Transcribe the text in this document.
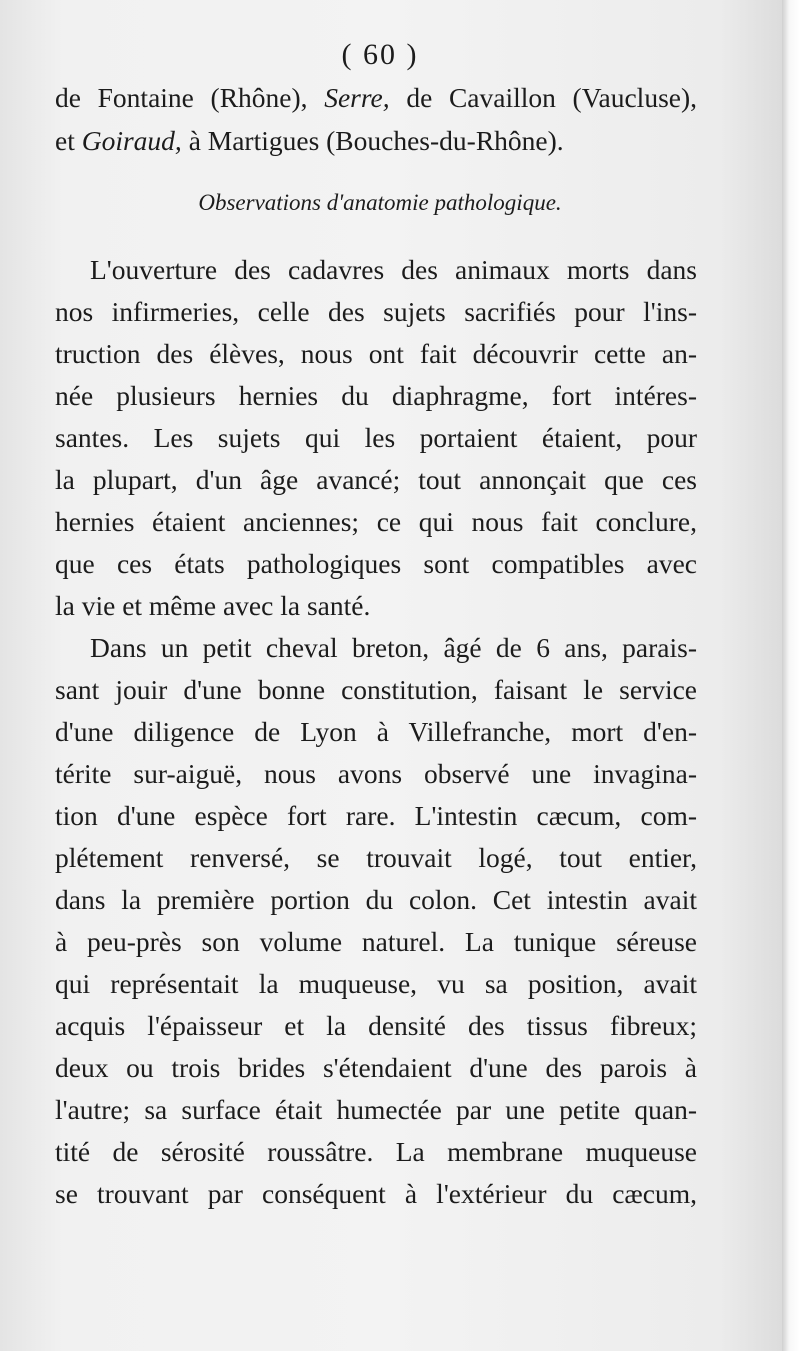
( 60 )
Observations d'anatomie pathologique.
de Fontaine (Rhône), Serre, de Cavaillon (Vaucluse),
et Goiraud, à Martigues (Bouches-du-Rhône).
L'ouverture des cadavres des animaux morts dans
nos infirmeries, celle des sujets sacrifiés pour l'ins-
truction des élèves, nous ont fait découvrir cette an-
née plusieurs hernies du diaphragme, fort intéres-
santes. Les sujets qui les portaient étaient, pour
la plupart, d'un âge avancé; tout annonçait que ces
hernies étaient anciennes; ce qui nous fait conclure,
que ces états pathologiques sont compatibles avec
la vie et même avec la santé.
Dans un petit cheval breton, âgé de 6 ans, parais-
sant jouir d'une bonne constitution, faisant le service
d'une diligence de Lyon à Villefranche, mort d'en-
térite sur-aiguë, nous avons observé une invagina-
tion d'une espèce fort rare. L'intestin cæcum, com-
plétement renversé, se trouvait logé, tout entier,
dans la première portion du colon. Cet intestin avait
à peu-près son volume naturel. La tunique séreuse
qui représentait la muqueuse, vu sa position, avait
acquis l'épaisseur et la densité des tissus fibreux;
deux ou trois brides s'étendaient d'une des parois à
l'autre; sa surface était humectée par une petite quan-
tité de sérosité roussâtre. La membrane muqueuse
se trouvant par conséquent à l'extérieur du cæcum,
